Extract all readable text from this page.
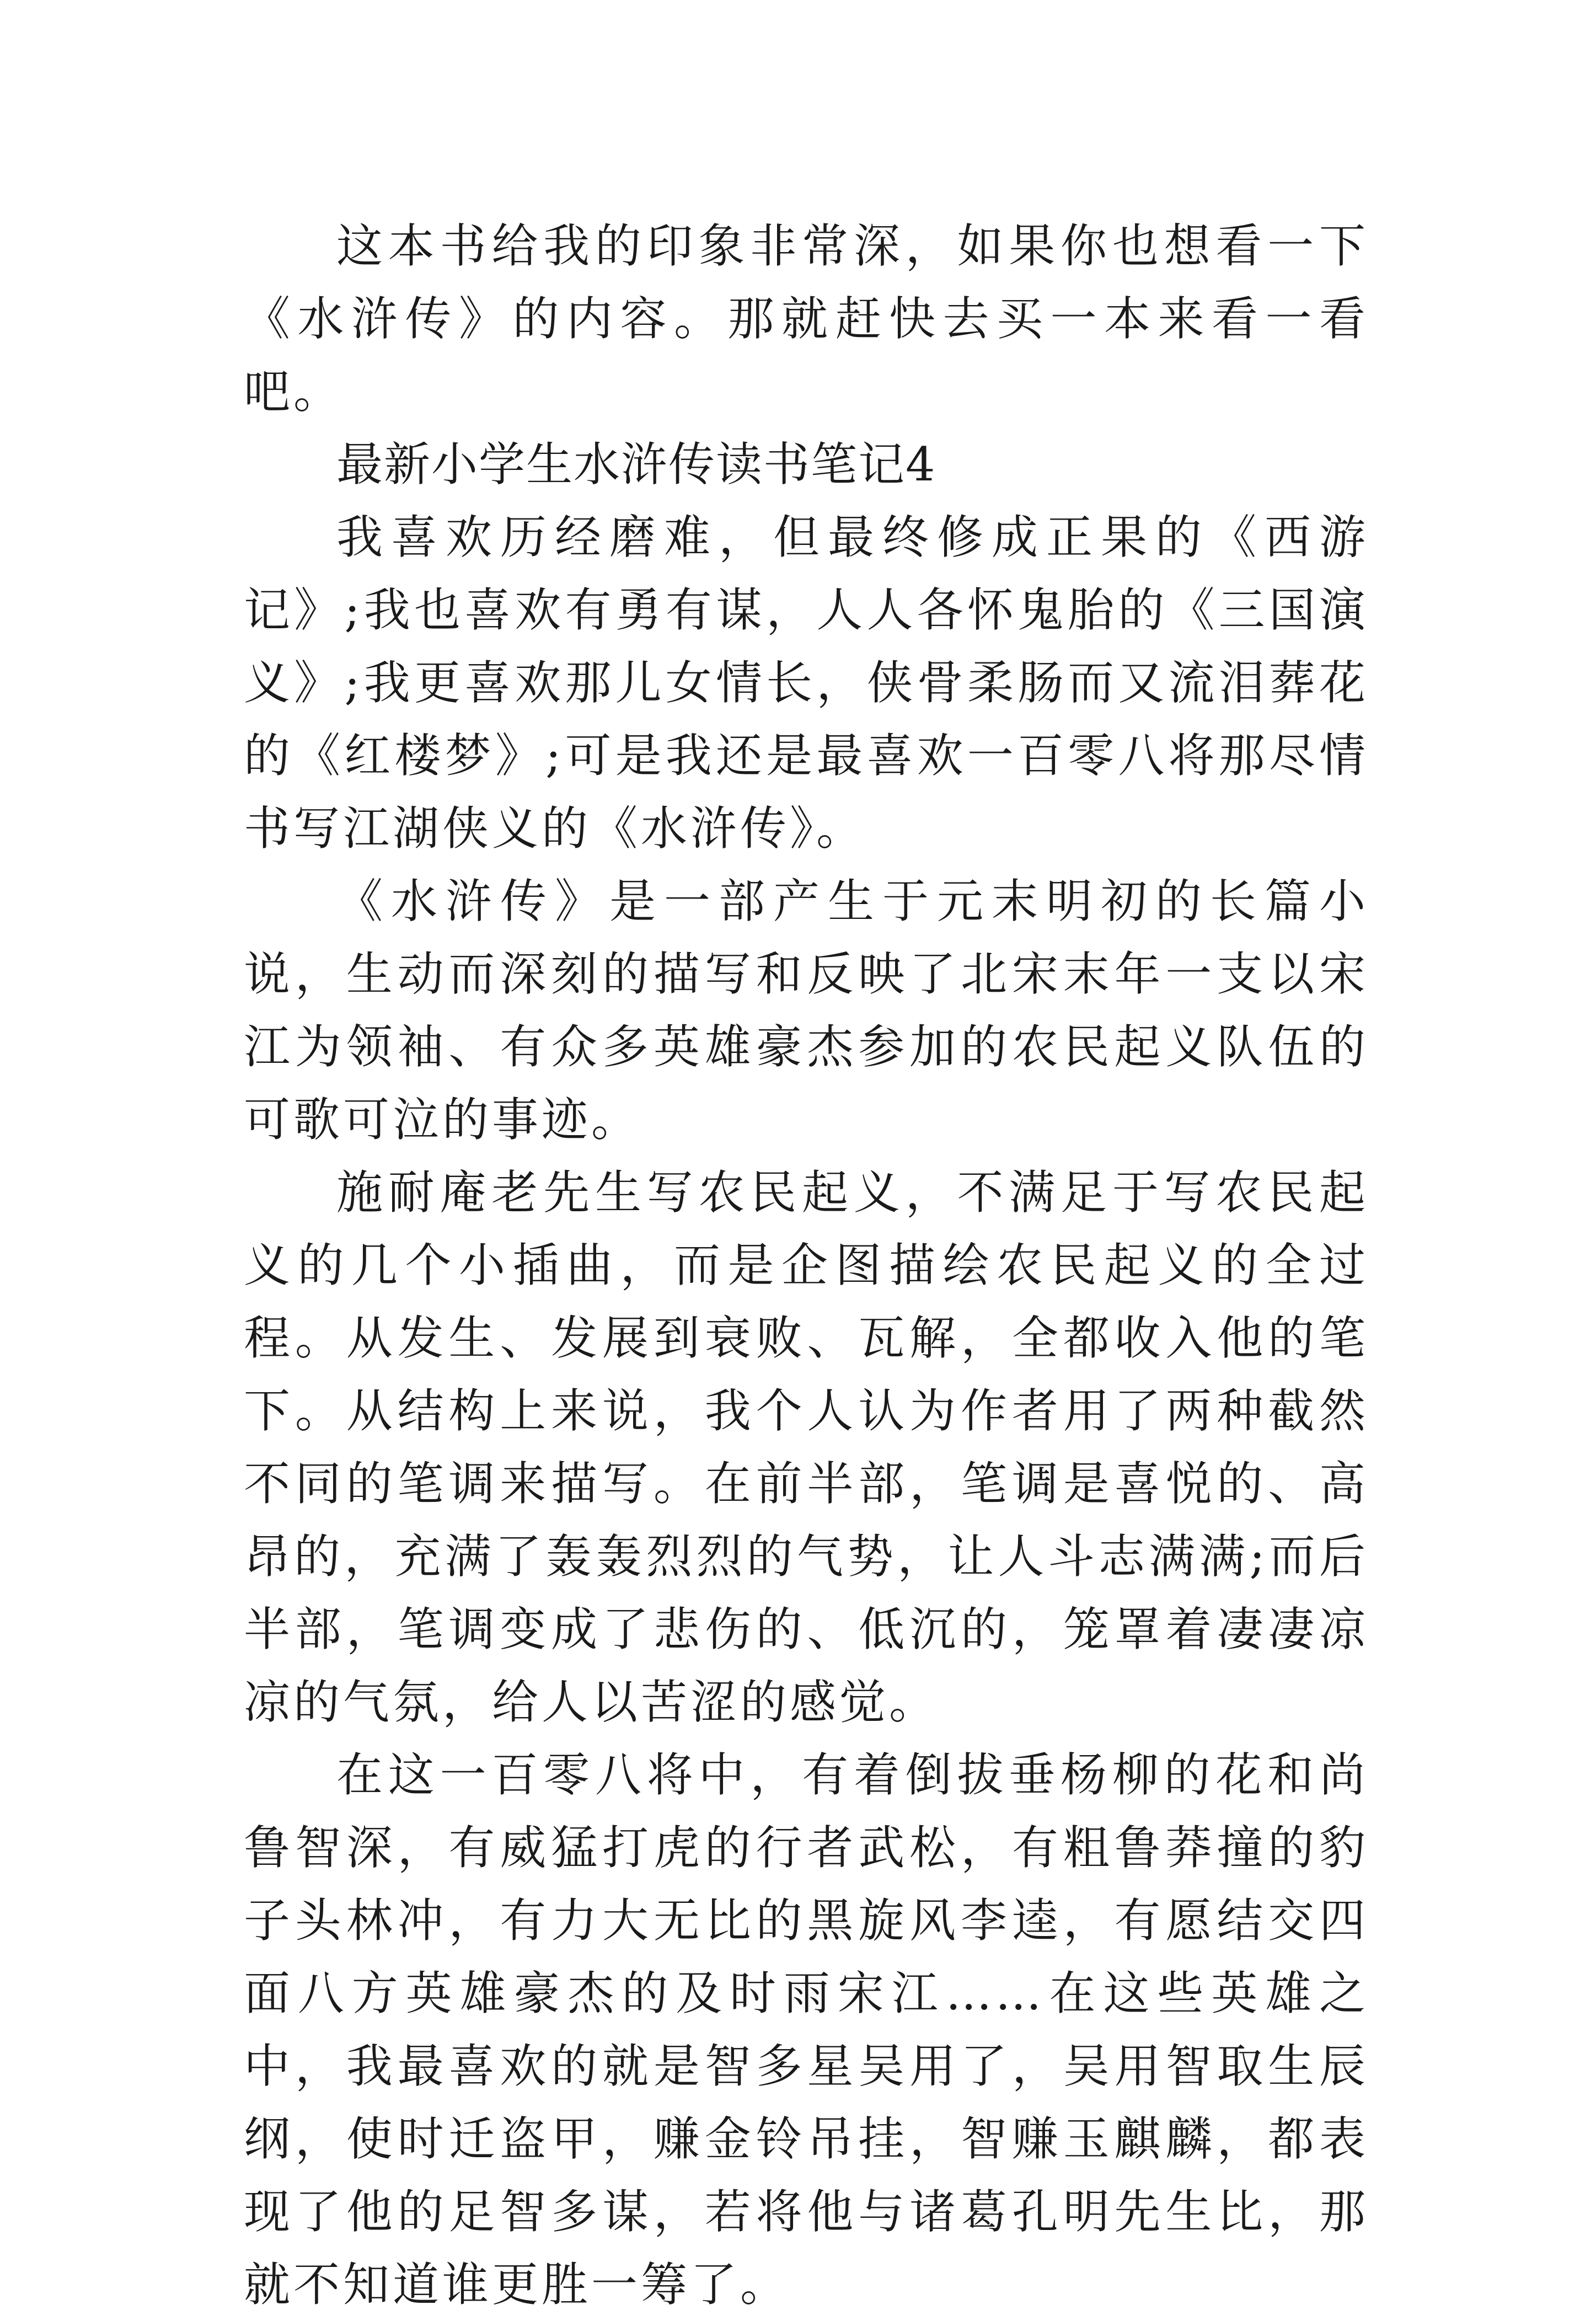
这本书给我的印象非常深，如果你也想看一下《水浒传》的内容。那就赶快去买一本来看一看吧。

最新小学生水浒传读书笔记4

我喜欢历经磨难，但最终修成正果的《西游记》;我也喜欢有勇有谋，人人各怀鬼胎的《三国演义》;我更喜欢那儿女情长，侠骨柔肠而又流泪葬花的《红楼梦》;可是我还是最喜欢一百零八将那尽情书写江湖侠义的《水浒传》。

《水浒传》是一部产生于元末明初的长篇小说，生动而深刻的描写和反映了北宋末年一支以宋江为领袖、有众多英雄豪杰参加的农民起义队伍的可歌可泣的事迹。

施耐庵老先生写农民起义，不满足于写农民起义的几个小插曲，而是企图描绘农民起义的全过程。从发生、发展到衰败、瓦解，全都收入他的笔下。从结构上来说，我个人认为作者用了两种截然不同的笔调来描写。在前半部，笔调是喜悦的、高昂的，充满了轰轰烈烈的气势，让人斗志满满;而后半部，笔调变成了悲伤的、低沉的，笼罩着凄凄凉凉的气氛，给人以苦涩的感觉。

在这一百零八将中，有着倒拔垂杨柳的花和尚鲁智深，有威猛打虎的行者武松，有粗鲁莽撞的豹子头林冲，有力大无比的黑旋风李逵，有愿结交四面八方英雄豪杰的及时雨宋江……在这些英雄之中，我最喜欢的就是智多星吴用了，吴用智取生辰纲，使时迁盗甲，赚金铃吊挂，智赚玉麒麟，都表现了他的足智多谋，若将他与诸葛孔明先生比，那就不知道谁更胜一筹了。
